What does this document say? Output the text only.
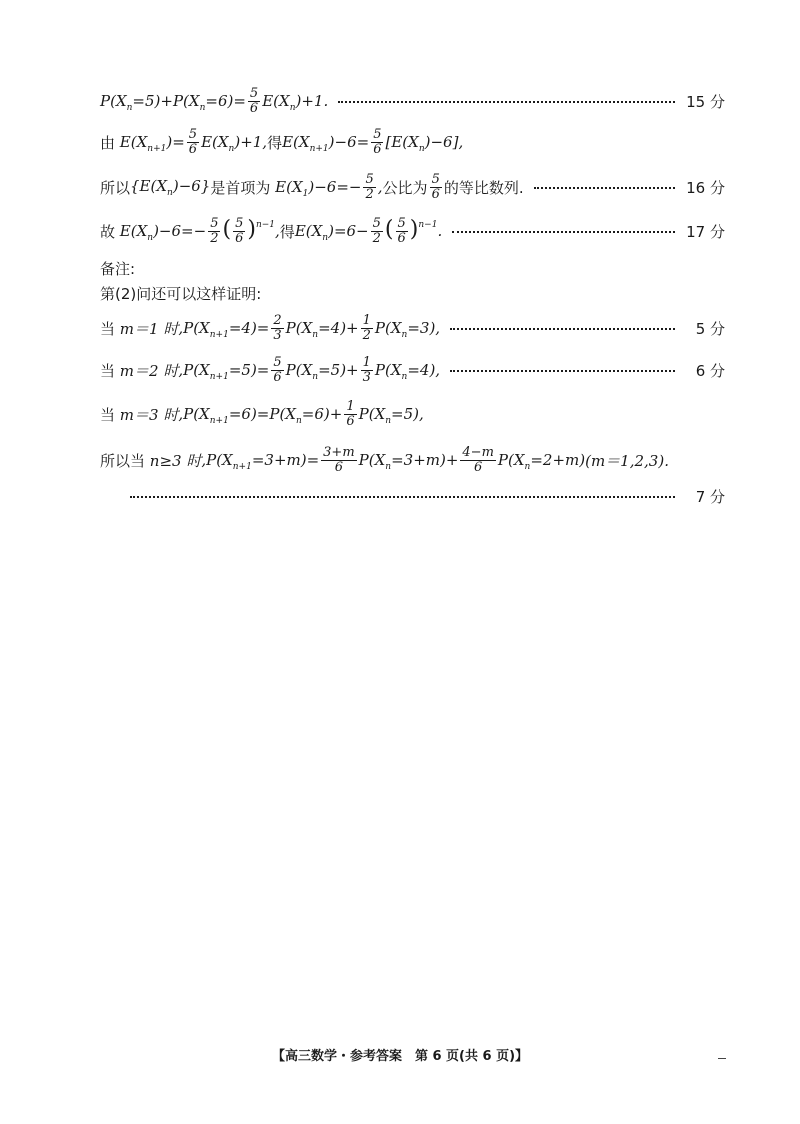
$P(X_n=5)+P(X_n=6)= \frac{5}{6} E(X_n)+1$.	15 分
由
$E(X_{n+1})= \frac{5}{6} E(X_n)+1$, 得 $E(X_{n+1})-6= \frac{5}{6} [E(X_n)-6]$,
所以 $\{E(X_n)-6\}$ 是首项为
$E(X_1)-6=- \frac{5}{2}$ , 公比为 $\frac{5}{6}$ 的等比数列.	16 分
故
$E(X_n)-6=- \frac{5}{2}$ ( $\frac{5}{6} )^{n-1}$, 得 $E(X_n)=6- \frac{5}{2}$ ( $\frac{5}{6} )^{n-1}$.	17 分
备注:
第(2)问还可以这样证明:
当
m＝1 时 $,P(X_{n+1}=4)= \frac{2}{3} P(X_n=4)+ \frac{1}{2} P(X_n=3)$,	5 分
当
m＝2 时 $,P(X_{n+1}=5)= \frac{5}{6} P(X_n=5)+ \frac{1}{3} P(X_n=4)$,	6 分
当
m＝3 时 $,P(X_{n+1}=6)=P(X_n=6)+ \frac{1}{6} P(X_n=5)$,
所以当
n≥3 时 $,P(X_{n+1}=3+m)= \frac{3+m}{6} P(X_n=3+m)+ \frac{4-m}{6} P(X_n=2+m)$ (m＝1,2,3).
7 分
【高三数学・参考答案　第 6 页(共 6 页)】
